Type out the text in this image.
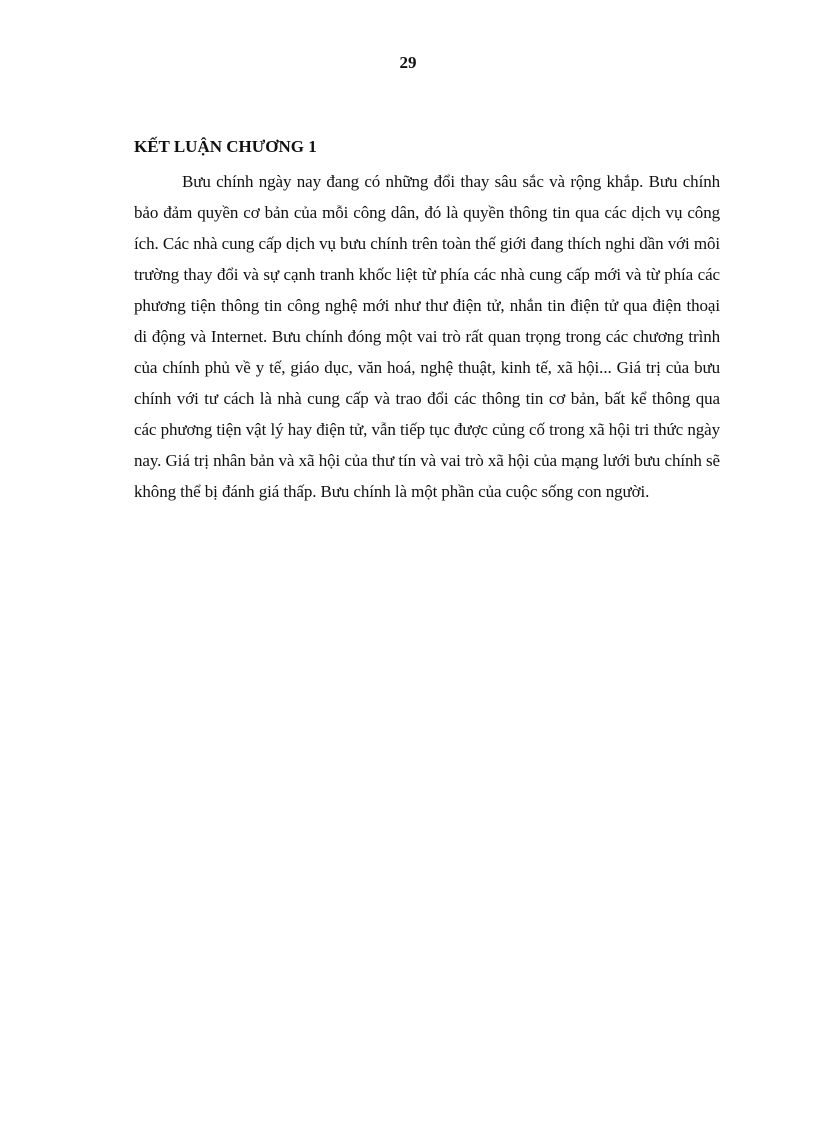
29
KẾT LUẬN CHƯƠNG 1

Bưu chính ngày nay đang có những đổi thay sâu sắc và rộng khắp. Bưu chính bảo đảm quyền cơ bản của mỗi công dân, đó là quyền thông tin qua các dịch vụ công ích. Các nhà cung cấp dịch vụ bưu chính trên toàn thế giới đang thích nghi dần với môi trường thay đổi và sự cạnh tranh khốc liệt từ phía các nhà cung cấp mới và từ phía các phương tiện thông tin công nghệ mới như thư điện tử, nhắn tin điện tử qua điện thoại di động và Internet. Bưu chính đóng một vai trò rất quan trọng trong các chương trình của chính phủ về y tế, giáo dục, văn hoá, nghệ thuật, kinh tế, xã hội... Giá trị của bưu chính với tư cách là nhà cung cấp và trao đổi các thông tin cơ bản, bất kể thông qua các phương tiện vật lý hay điện tử, vẫn tiếp tục được củng cố trong xã hội tri thức ngày nay. Giá trị nhân bản và xã hội của thư tín và vai trò xã hội của mạng lưới bưu chính sẽ không thể bị đánh giá thấp. Bưu chính là một phần của cuộc sống con người.
